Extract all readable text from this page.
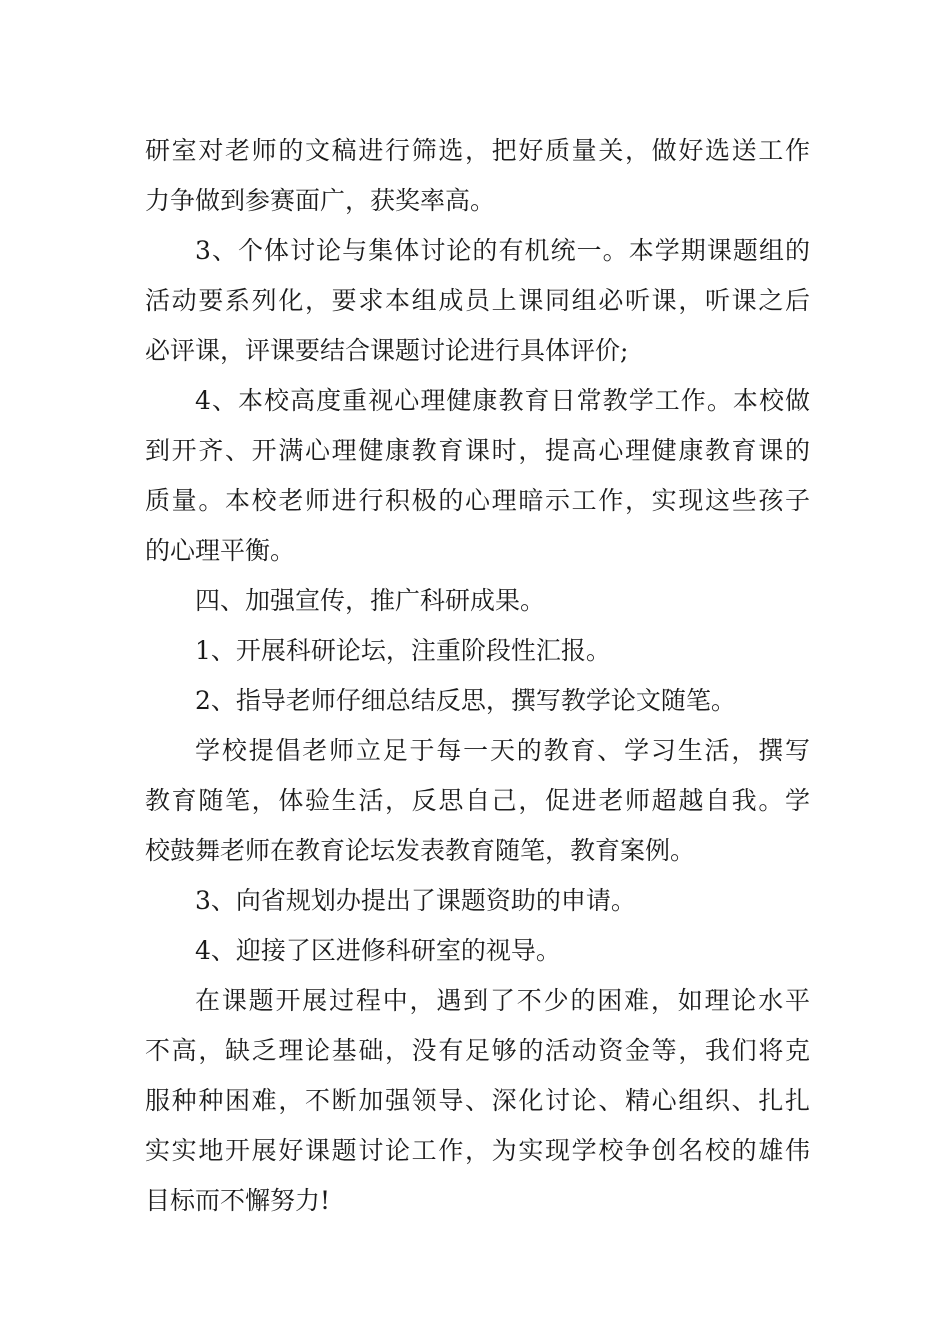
研室对老师的文稿进行筛选，把好质量关，做好选送工作
力争做到参赛面广，获奖率高。
3、个体讨论与集体讨论的有机统一。本学期课题组的
活动要系列化，要求本组成员上课同组必听课，听课之后
必评课，评课要结合课题讨论进行具体评价;
4、本校高度重视心理健康教育日常教学工作。本校做
到开齐、开满心理健康教育课时，提高心理健康教育课的
质量。本校老师进行积极的心理暗示工作，实现这些孩子
的心理平衡。
四、加强宣传，推广科研成果。
1、开展科研论坛，注重阶段性汇报。
2、指导老师仔细总结反思，撰写教学论文随笔。
学校提倡老师立足于每一天的教育、学习生活，撰写
教育随笔，体验生活，反思自己，促进老师超越自我。学
校鼓舞老师在教育论坛发表教育随笔，教育案例。
3、向省规划办提出了课题资助的申请。
4、迎接了区进修科研室的视导。
在课题开展过程中，遇到了不少的困难，如理论水平
不高，缺乏理论基础，没有足够的活动资金等，我们将克
服种种困难，不断加强领导、深化讨论、精心组织、扎扎
实实地开展好课题讨论工作，为实现学校争创名校的雄伟
目标而不懈努力!
